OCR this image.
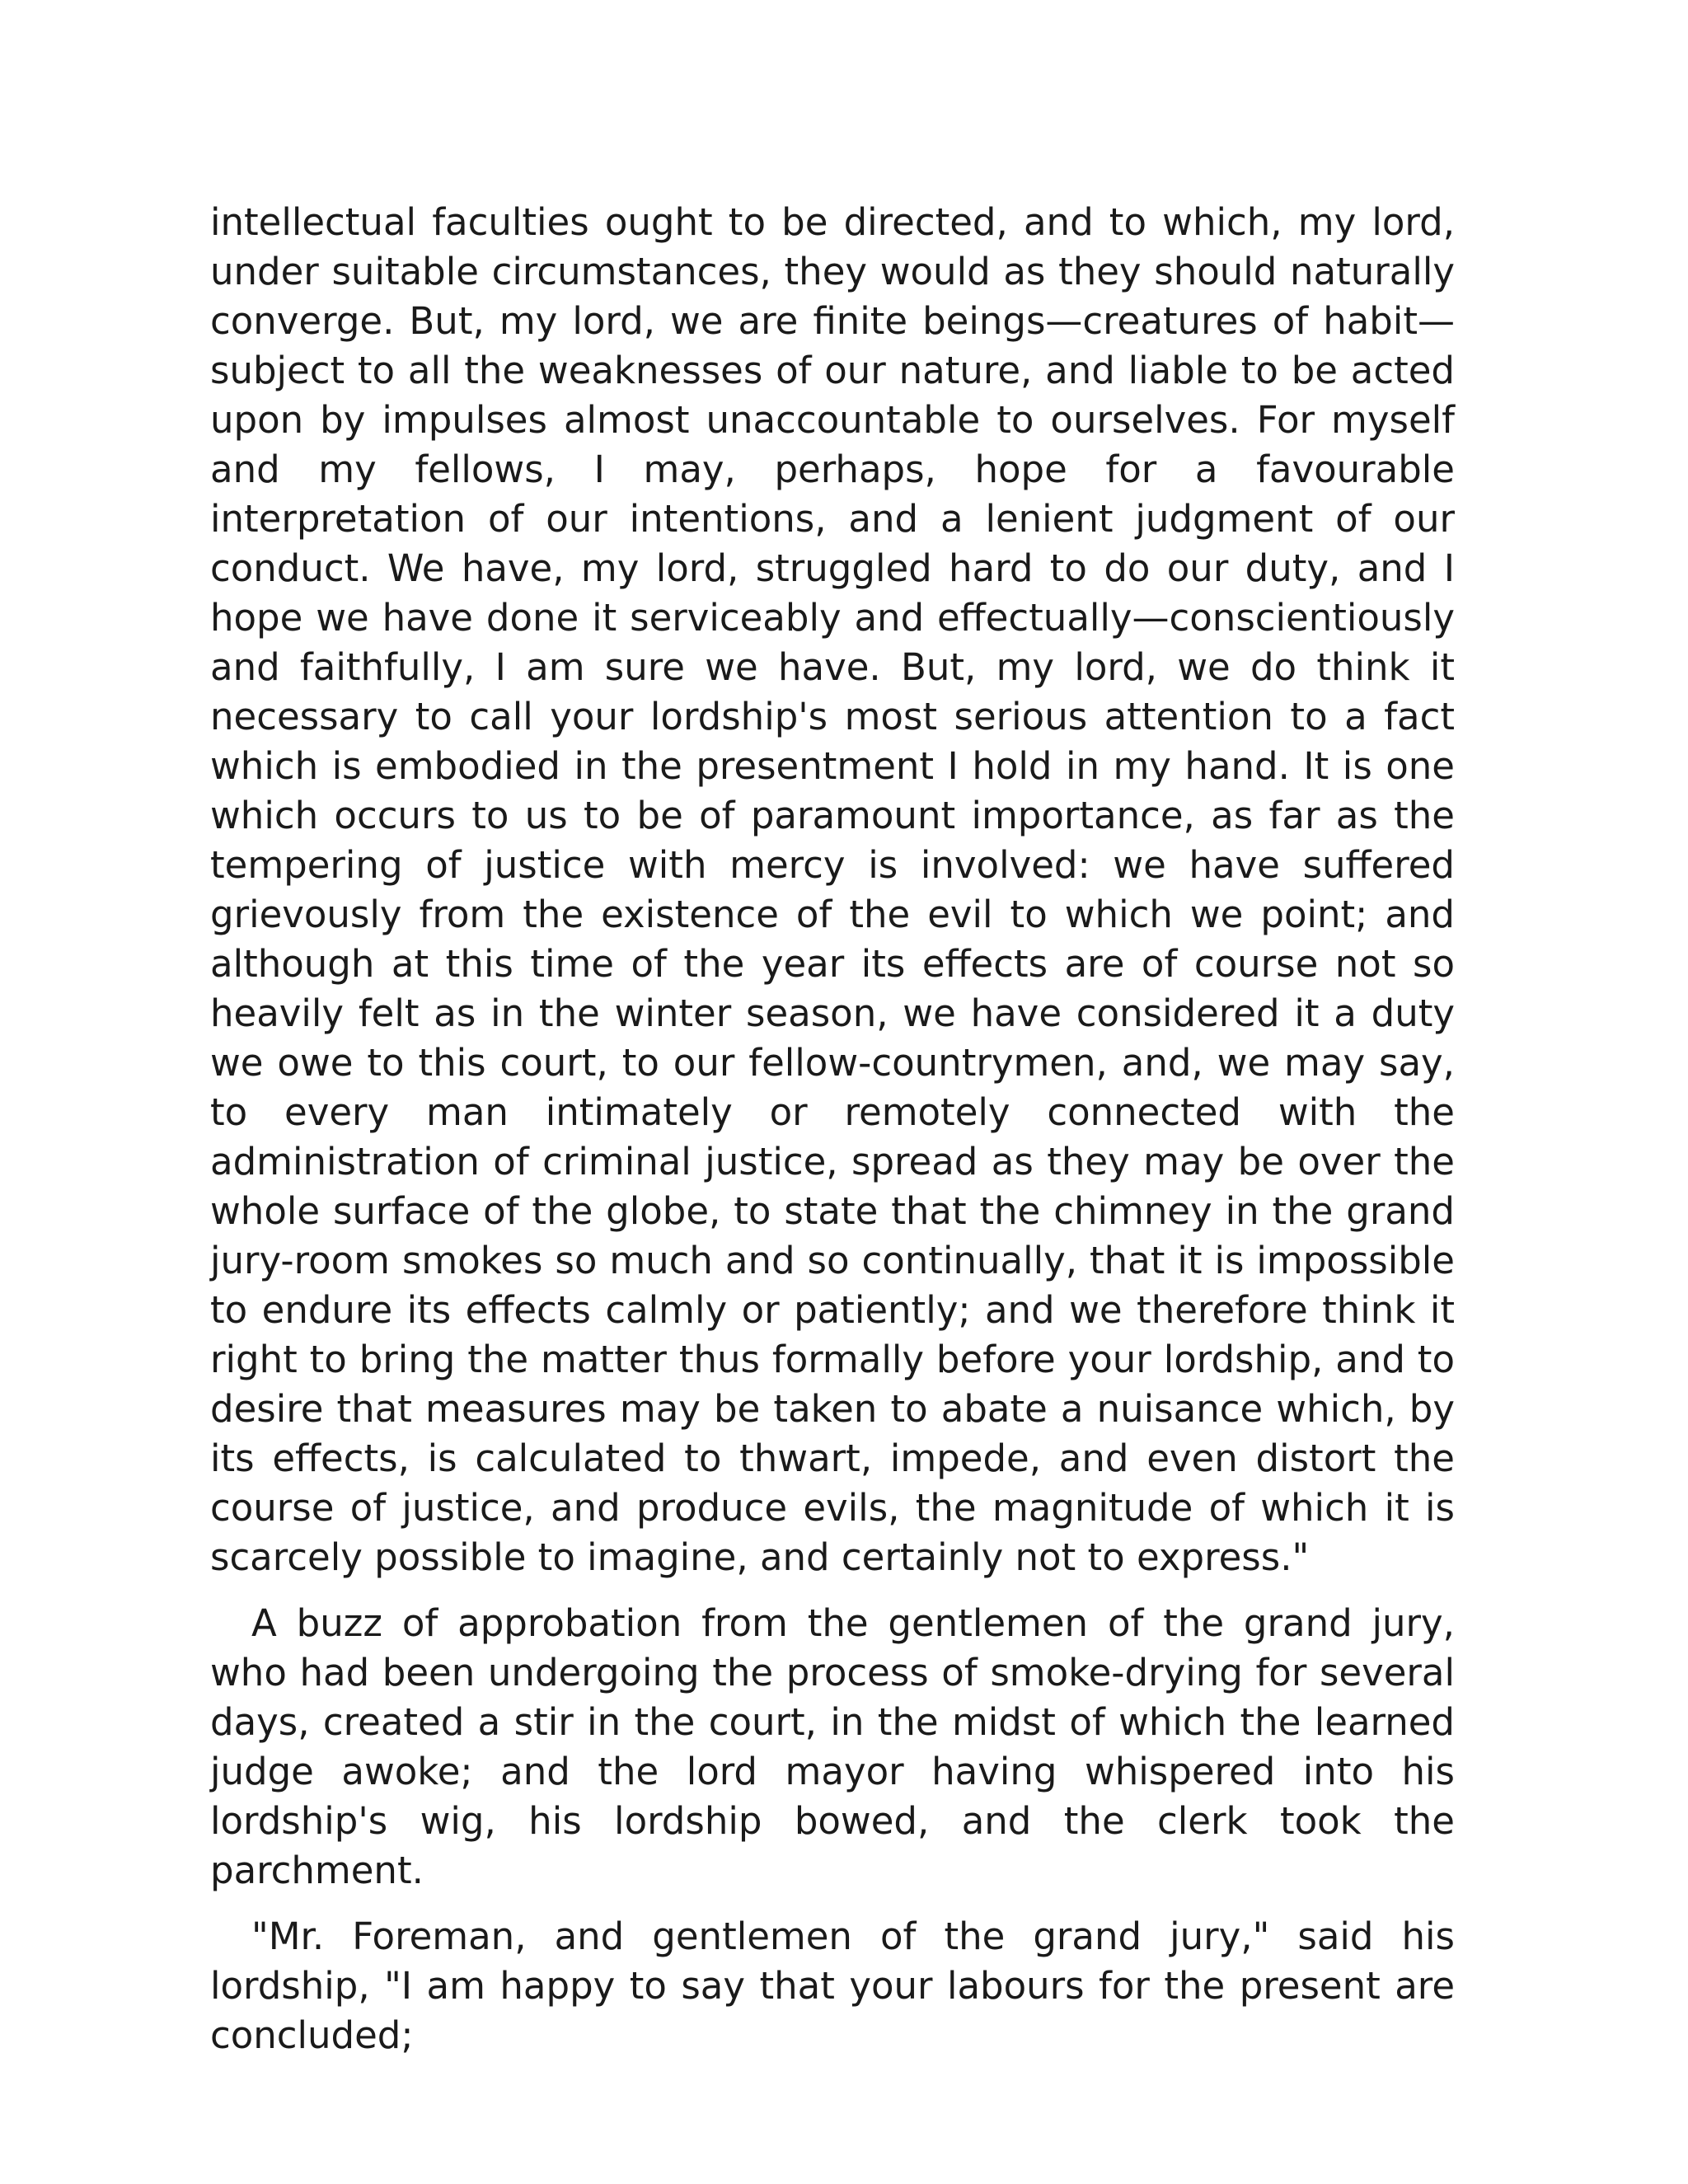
intellectual faculties ought to be directed, and to which, my lord, under suitable circumstances, they would as they should naturally converge. But, my lord, we are finite beings—creatures of habit—subject to all the weaknesses of our nature, and liable to be acted upon by impulses almost unaccountable to ourselves. For myself and my fellows, I may, perhaps, hope for a favourable interpretation of our intentions, and a lenient judgment of our conduct. We have, my lord, struggled hard to do our duty, and I hope we have done it serviceably and effectually—conscientiously and faithfully, I am sure we have. But, my lord, we do think it necessary to call your lordship's most serious attention to a fact which is embodied in the presentment I hold in my hand. It is one which occurs to us to be of paramount importance, as far as the tempering of justice with mercy is involved: we have suffered grievously from the existence of the evil to which we point; and although at this time of the year its effects are of course not so heavily felt as in the winter season, we have considered it a duty we owe to this court, to our fellow-countrymen, and, we may say, to every man intimately or remotely connected with the administration of criminal justice, spread as they may be over the whole surface of the globe, to state that the chimney in the grand jury-room smokes so much and so continually, that it is impossible to endure its effects calmly or patiently; and we therefore think it right to bring the matter thus formally before your lordship, and to desire that measures may be taken to abate a nuisance which, by its effects, is calculated to thwart, impede, and even distort the course of justice, and produce evils, the magnitude of which it is scarcely possible to imagine, and certainly not to express."

A buzz of approbation from the gentlemen of the grand jury, who had been undergoing the process of smoke-drying for several days, created a stir in the court, in the midst of which the learned judge awoke; and the lord mayor having whispered into his lordship's wig, his lordship bowed, and the clerk took the parchment.

"Mr. Foreman, and gentlemen of the grand jury," said his lordship, "I am happy to say that your labours for the present are concluded;
